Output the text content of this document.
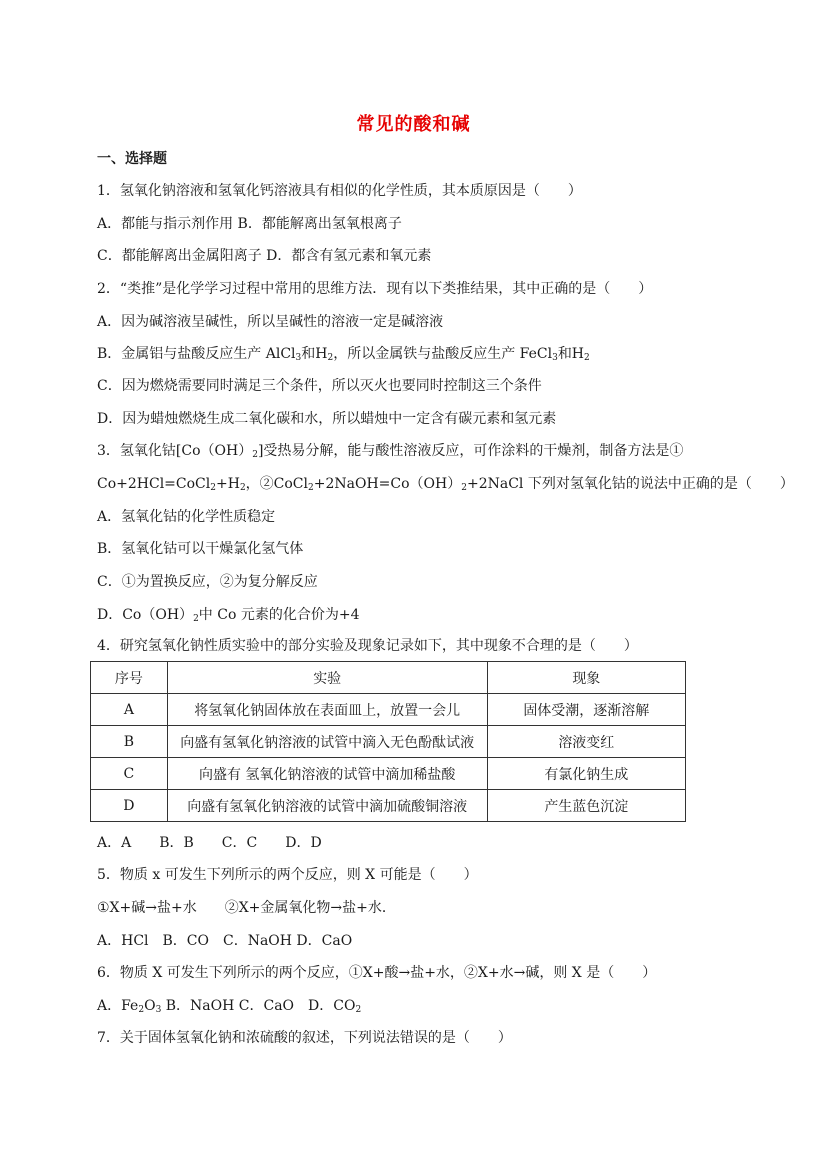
常见的酸和碱
一、选择题
1．氢氧化钠溶液和氢氧化钙溶液具有相似的化学性质，其本质原因是（　　）
A．都能与指示剂作用 B．都能解离出氢氧根离子
C．都能解离出金属阳离子 D．都含有氢元素和氧元素
2．“类推”是化学学习过程中常用的思维方法．现有以下类推结果，其中正确的是（　　）
A．因为碱溶液呈碱性，所以呈碱性的溶液一定是碱溶液
B．金属铝与盐酸反应生产 AlCl$_3$和$H_2$，所以金属铁与盐酸反应生产 FeCl$_3$和$H_2$
C．因为燃烧需要同时满足三个条件，所以灭火也要同时控制这三个条件
D．因为蜡烛燃烧生成二氧化碳和水，所以蜡烛中一定含有碳元素和氢元素
3．氢氧化钴$[Co(OH)_2]$受热易分解，能与酸性溶液反应，可作涂料的干燥剂，制备方法是①
$Co+2HCl=CoCl_2+H_2$，$②CoCl_2+2NaOH=Co(OH)_2+2NaCl$ 下列对氢氧化钴的说法中正确的是（　　）
A．氢氧化钴的化学性质稳定
B．氢氧化钴可以干燥氯化氢气体
C．①为置换反应，②为复分解反应
D．$Co(OH)_2$中 Co 元素的化合价为+4
4．研究氢氧化钠性质实验中的部分实验及现象记录如下，其中现象不合理的是（　　）
序号	实验	现象
A	将氢氧化钠固体放在表面皿上，放置一会儿	固体受潮，逐渐溶解
B	向盛有氢氧化钠溶液的试管中滴入无色酚酞试液	溶液变红
C	向盛有 氢氧化钠溶液的试管中滴加稀盐酸	有氯化钠生成
D	向盛有氢氧化钠溶液的试管中滴加硫酸铜溶液	产生蓝色沉淀
A．A　　B．B　　C．C　　D．D
5．物质 x 可发生下列所示的两个反应，则 X 可能是（　　）
①X+碱→盐+水　　②X+金属氧化物→盐+水．
A．HCl　B．CO　C．NaOH D．CaO
6．物质 X 可发生下列所示的两个反应，①X+酸→盐+水，②X+水→碱，则 X 是（　　）
A．$Fe_2O_3$ B．NaOH C．CaO　D．$CO_2$
7．关于固体氢氧化钠和浓硫酸的叙述，下列说法错误的是（　　）
